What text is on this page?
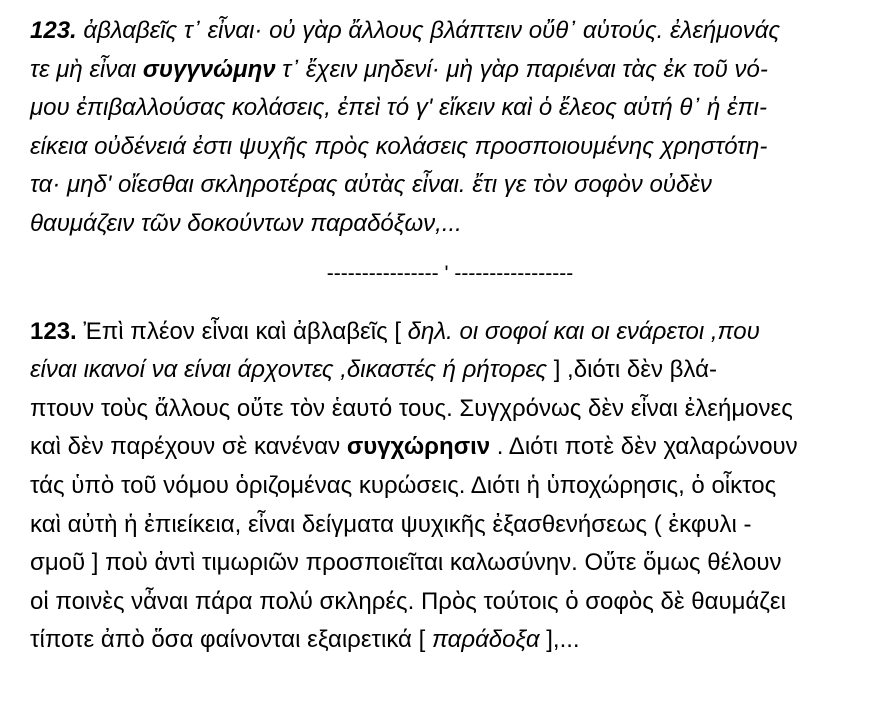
123. ἀβλαβεῖς τ᾽ εἶναι· οὐ γὰρ ἄλλους βλάπτειν οὔθ᾽ αὑτούς. ἐλεήμονάς
τε μὴ εἶναι συγγνώμην τ᾽ ἔχειν μηδενί· μὴ γὰρ παριέναι τὰς ἐκ τοῦ νό-
μου ἐπιβαλλούσας κολάσεις, ἐπεὶ τό γ' εἴκειν καὶ ὁ ἔλεος αὐτή θ᾽ ἡ ἐπι-
είκεια οὐδένειά ἐστι ψυχῆς πρὸς κολάσεις προσποιουμένης χρηστότη-
τα· μηδ' οἴεσθαι σκληροτέρας αὐτὰς εἶναι. ἔτι γε τὸν σοφὸν οὐδὲν
θαυμάζειν τῶν δοκούντων παραδόξων,...
---------------- ' -----------------
123. Ἐπὶ πλέον εἶναι καὶ ἀβλαβεῖς [ δηλ. οι σοφοί και οι ενάρετοι ,που
είναι ικανοί να είναι άρχοντες ,δικαστές ή ρήτορες ] ,διότι δὲν βλά-
πτουν τοὺς ἄλλους οὔτε τὸν ἑαυτό τους. Συγχρόνως δὲν εἶναι ἐλεήμονες
καὶ δὲν παρέχουν σὲ κανέναν συγχώρησιν . Διότι ποτὲ δὲν χαλαρώνουν
τάς ὑπὸ τοῦ νόμου ὁριζομένας κυρώσεις. Διότι ἡ ὑποχώρησις, ὁ οἶκτος
καὶ αὐτὴ ἡ ἐπιείκεια, εἶναι δείγματα ψυχικῆς ἐξασθενήσεως ( ἐκφυλι -
σμοῦ ] ποὺ ἀντὶ τιμωριῶν προσποιεῖται καλωσύνην. Οὔτε ὅμως θέλουν
οἱ ποινὲς νἆναι πάρα πολύ σκληρές. Πρὸς τούτοις ὁ σοφὸς δὲ θαυμάζει
τίποτε ἀπὸ ὅσα φαίνονται εξαιρετικά [ παράδοξα ],...
